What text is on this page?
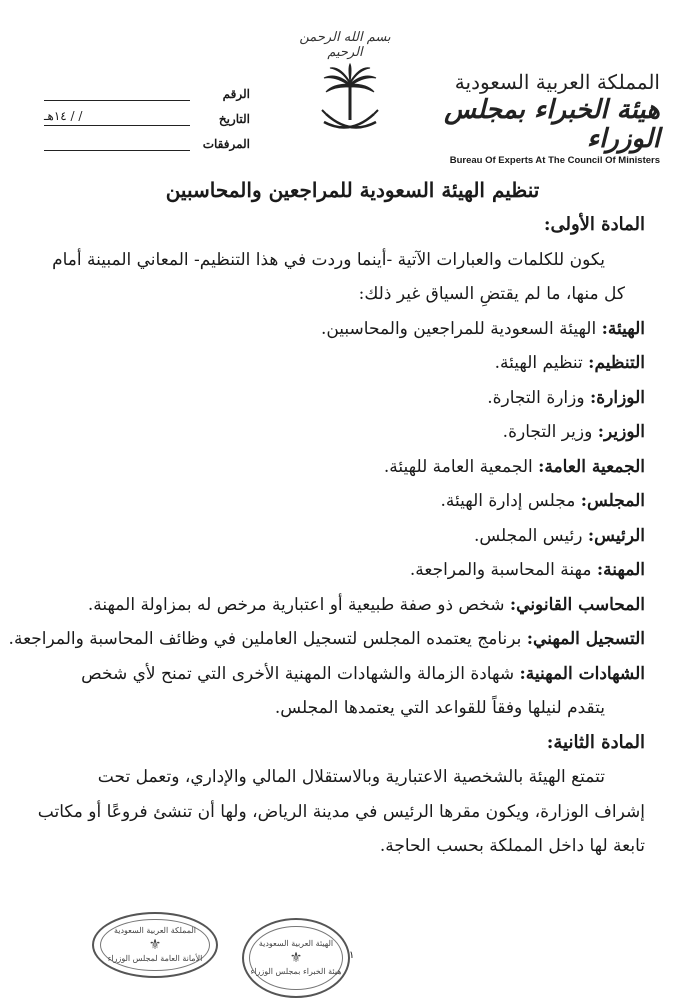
بسم الله الرحمن الرحيم
المملكة العربية السعودية
هيئة الخبراء بمجلس الوزراء
Bureau Of Experts At The Council Of Ministers
الرقم
التاريخ
/ / ١٤هـ
المرفقات
تنظيم الهيئة السعودية للمراجعين والمحاسبين
المادة الأولى:
يكون للكلمات والعبارات الآتية -أينما وردت في هذا التنظيم- المعاني المبينة أمام
كل منها، ما لم يقتضِ السياق غير ذلك:
الهيئة: الهيئة السعودية للمراجعين والمحاسبين.
التنظيم: تنظيم الهيئة.
الوزارة: وزارة التجارة.
الوزير: وزير التجارة.
الجمعية العامة: الجمعية العامة للهيئة.
المجلس: مجلس إدارة الهيئة.
الرئيس: رئيس المجلس.
المهنة: مهنة المحاسبة والمراجعة.
المحاسب القانوني: شخص ذو صفة طبيعية أو اعتبارية مرخص له بمزاولة المهنة.
التسجيل المهني: برنامج يعتمده المجلس لتسجيل العاملين في وظائف المحاسبة والمراجعة.
الشهادات المهنية: شهادة الزمالة والشهادات المهنية الأخرى التي تمنح لأي شخص
يتقدم لنيلها وفقاً للقواعد التي يعتمدها المجلس.
المادة الثانية:
تتمتع الهيئة بالشخصية الاعتبارية وبالاستقلال المالي والإداري، وتعمل تحت
إشراف الوزارة، ويكون مقرها الرئيس في مدينة الرياض، ولها أن تنشئ فروعًا أو مكاتب
تابعة لها داخل المملكة بحسب الحاجة.
المملكة العربية السعودية
⚜
الأمانة العامة لمجلس الوزراء
الهيئة العربية السعودية
⚜
هيئة الخبراء بمجلس الوزراء
١
